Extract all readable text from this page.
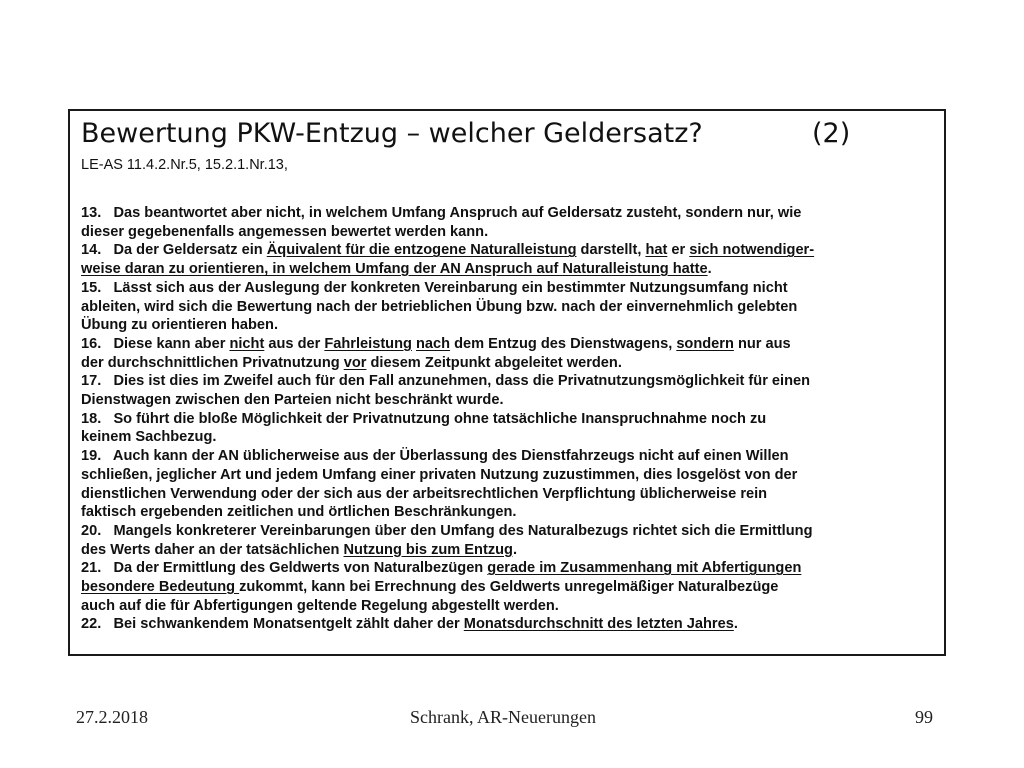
Bewertung PKW-Entzug – welcher Geldersatz?	(2)
LE-AS 11.4.2.Nr.5, 15.2.1.Nr.13,

13.   Das beantwortet aber nicht, in welchem Umfang Anspruch auf Geldersatz zusteht, sondern nur, wie

dieser gegebenenfalls angemessen bewertet werden kann.

14.   Da der Geldersatz ein Äquivalent für die entzogene Naturalleistung darstellt, hat er sich notwendiger-

weise daran zu orientieren, in welchem Umfang der AN Anspruch auf Naturalleistung hatte.

15.   Lässt sich aus der Auslegung der konkreten Vereinbarung ein bestimmter Nutzungsumfang nicht

ableiten, wird sich die Bewertung nach der betrieblichen Übung bzw. nach der einvernehmlich gelebten

Übung zu orientieren haben.

16.   Diese kann aber nicht aus der Fahrleistung nach dem Entzug des Dienstwagens, sondern nur aus

der durchschnittlichen Privatnutzung vor diesem Zeitpunkt abgeleitet werden.

17.   Dies ist dies im Zweifel auch für den Fall anzunehmen, dass die Privatnutzungsmöglichkeit für einen

Dienstwagen zwischen den Parteien nicht beschränkt wurde.

18.   So führt die bloße Möglichkeit der Privatnutzung ohne tatsächliche Inanspruchnahme noch zu

keinem Sachbezug.

19.   Auch kann der AN üblicherweise aus der Überlassung des Dienstfahrzeugs nicht auf einen Willen

schließen, jeglicher Art und jedem Umfang einer privaten Nutzung zuzustimmen, dies losgelöst von der

dienstlichen Verwendung oder der sich aus der arbeitsrechtlichen Verpflichtung üblicherweise rein

faktisch ergebenden zeitlichen und örtlichen Beschränkungen.

20.   Mangels konkreterer Vereinbarungen über den Umfang des Naturalbezugs richtet sich die Ermittlung

des Werts daher an der tatsächlichen Nutzung bis zum Entzug.

21.   Da der Ermittlung des Geldwerts von Naturalbezügen gerade im Zusammenhang mit Abfertigungen

besondere Bedeutung zukommt, kann bei Errechnung des Geldwerts unregelmäßiger Naturalbezüge

auch auf die für Abfertigungen geltende Regelung abgestellt werden.

22.   Bei schwankendem Monatsentgelt zählt daher der Monatsdurchschnitt des letzten Jahres.

27.2.2018	Schrank, AR-Neuerungen	99
